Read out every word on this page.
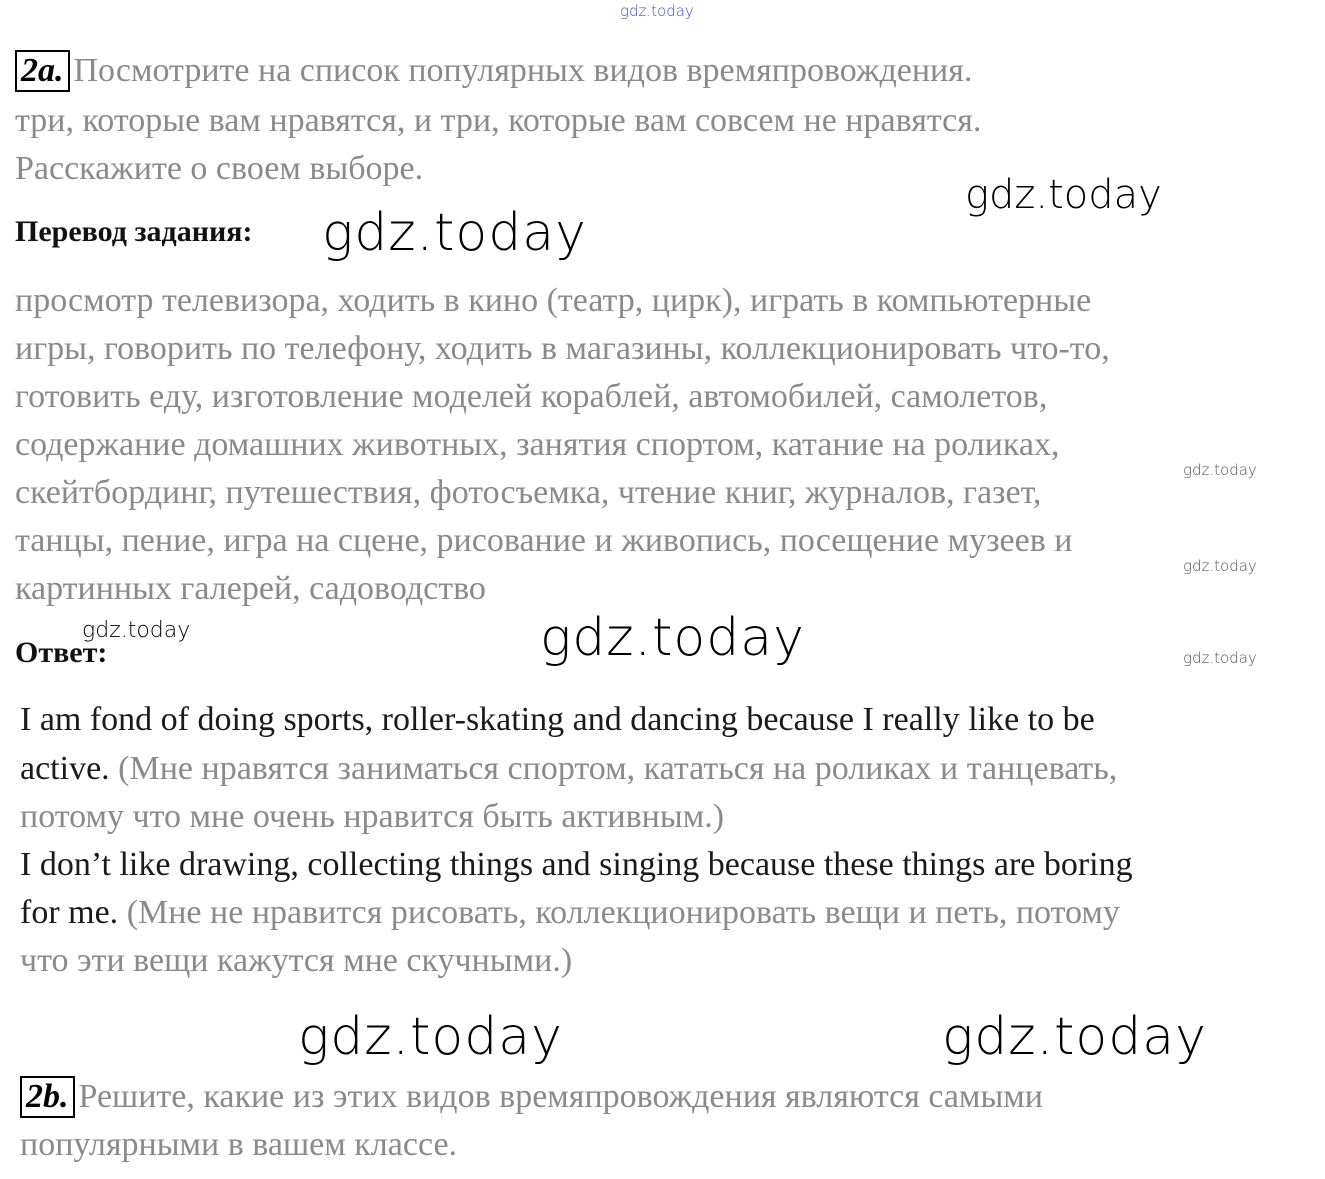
gdz.today
2a. Посмотрите на список популярных видов времяпровождения.
три, которые вам нравятся, и три, которые вам совсем не нравятся.
Расскажите о своем выборе.
gdz.today
Перевод задания: gdz.today
просмотр телевизора, ходить в кино (театр, цирк), играть в компьютерные
игры, говорить по телефону, ходить в магазины, коллекционировать что-то,
готовить еду, изготовление моделей кораблей, автомобилей, самолетов,
содержание домашних животных, занятия спортом, катание на роликах,
gdz.today
скейтбординг, путешествия, фотосъемка, чтение книг, журналов, газет,
танцы, пение, игра на сцене, рисование и живопись, посещение музеев и
gdz.today
картинных галерей, садоводство
gdz.today
Ответ:	gdz.today	gdz.today
I am fond of doing sports, roller-skating and dancing because I really like to be
active. (Мне нравятся заниматься спортом, кататься на роликах и танцевать,
потому что мне очень нравится быть активным.)
I don’t like drawing, collecting things and singing because these things are boring
for me. (Мне не нравится рисовать, коллекционировать вещи и петь, потому
что эти вещи кажутся мне скучными.)
gdz.today	gdz.today
2b. Решите, какие из этих видов времяпровождения являются самыми
популярными в вашем классе.
